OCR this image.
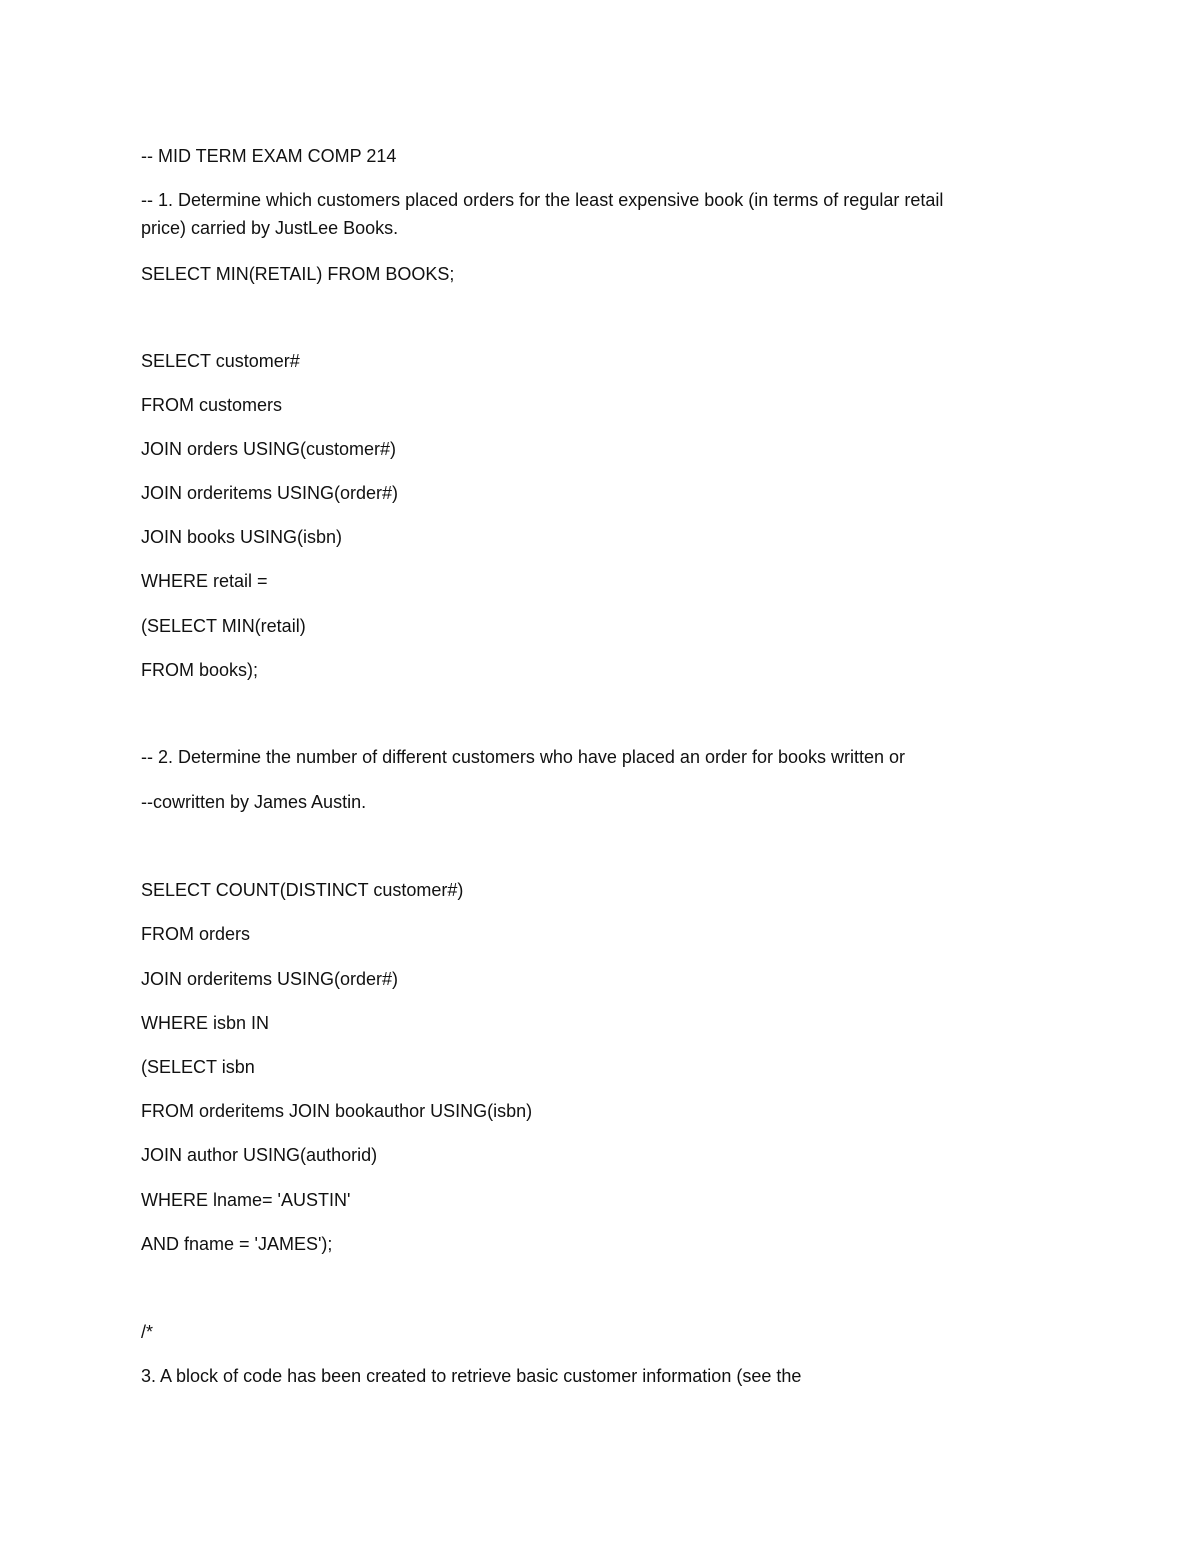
-- MID TERM EXAM COMP 214
-- 1. Determine which customers placed orders for the least expensive book (in terms of regular retail
price) carried by JustLee Books.
SELECT MIN(RETAIL) FROM BOOKS;
SELECT customer#
FROM customers
JOIN orders USING(customer#)
JOIN orderitems USING(order#)
JOIN books USING(isbn)
WHERE retail =
(SELECT MIN(retail)
FROM books);
-- 2. Determine the number of different customers who have placed an order for books written or
--cowritten by James Austin.
SELECT COUNT(DISTINCT customer#)
FROM orders
JOIN orderitems USING(order#)
WHERE isbn IN
(SELECT isbn
FROM orderitems JOIN bookauthor USING(isbn)
JOIN author USING(authorid)
WHERE lname= 'AUSTIN'
AND fname = 'JAMES');
/*
3. A block of code has been created to retrieve basic customer information (see the
